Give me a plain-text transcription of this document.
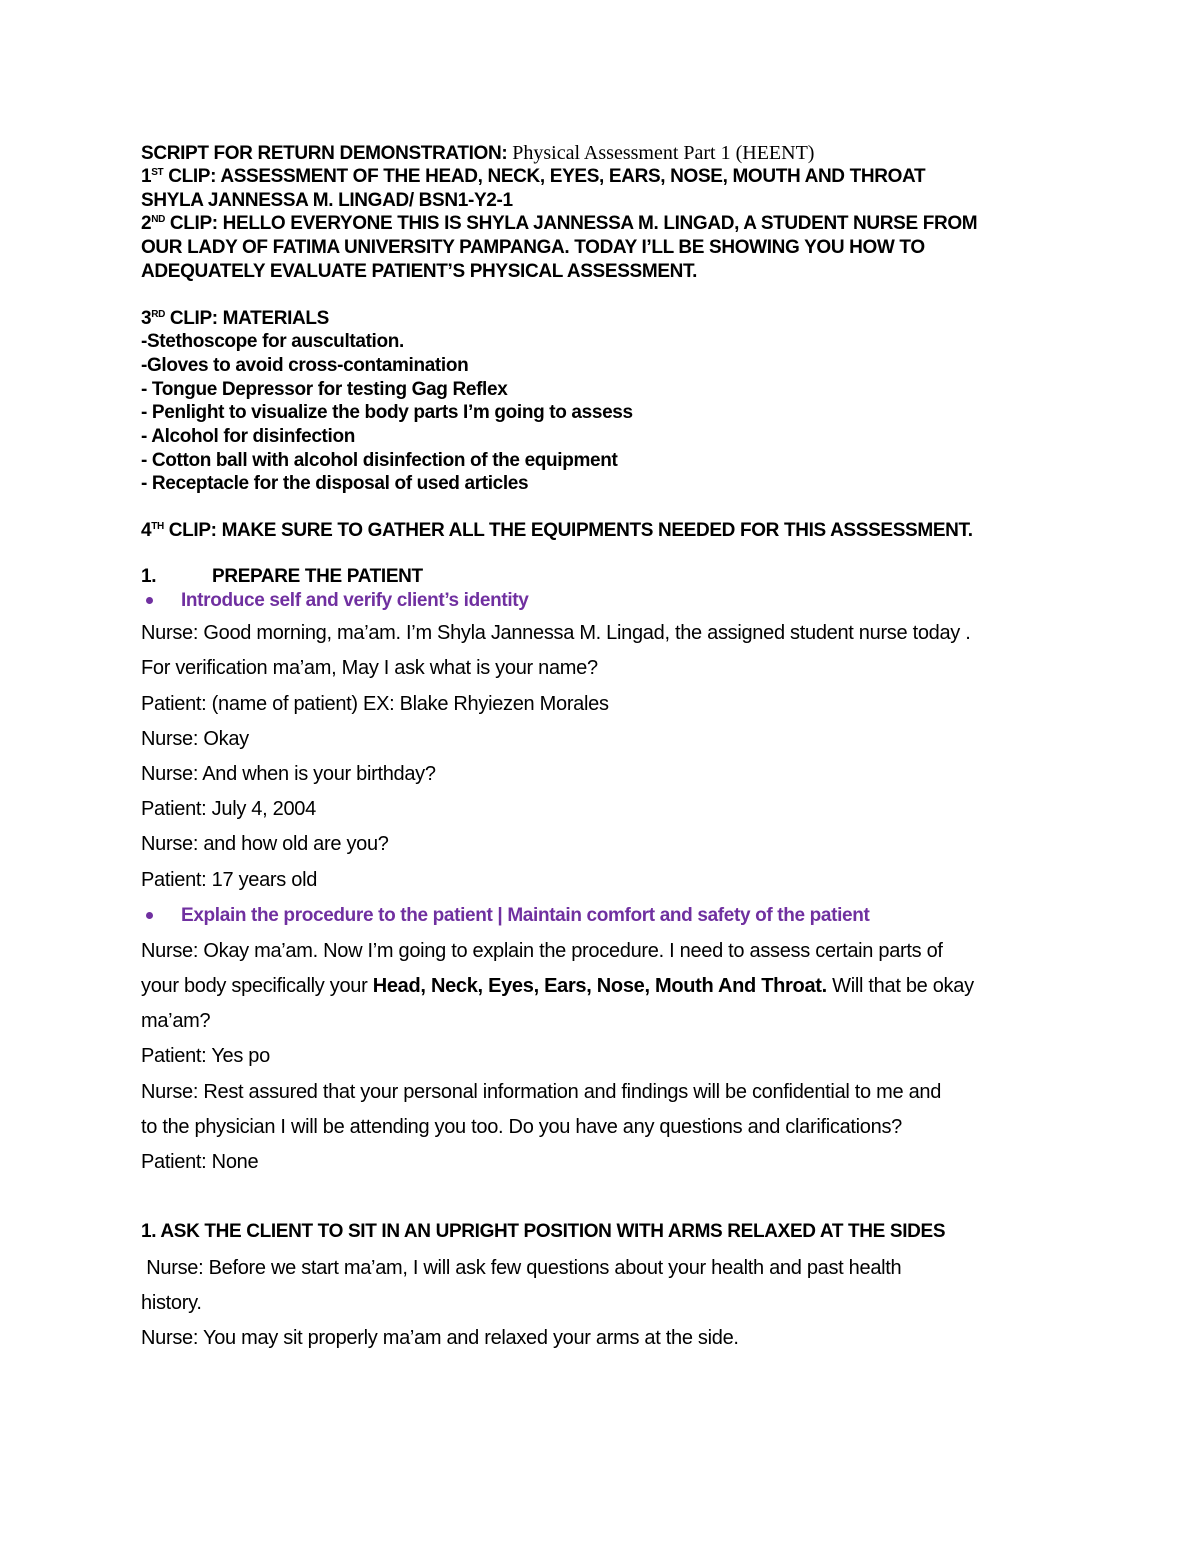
SCRIPT FOR RETURN DEMONSTRATION: Physical Assessment Part 1 (HEENT)
1ST CLIP: ASSESSMENT OF THE HEAD, NECK, EYES, EARS, NOSE, MOUTH AND THROAT
SHYLA JANNESSA M. LINGAD/ BSN1-Y2-1
2ND CLIP: HELLO EVERYONE THIS IS SHYLA JANNESSA M. LINGAD, A STUDENT NURSE FROM
OUR LADY OF FATIMA UNIVERSITY PAMPANGA. TODAY I’LL BE SHOWING YOU HOW TO
ADEQUATELY EVALUATE PATIENT’S PHYSICAL ASSESSMENT.
3RD CLIP: MATERIALS
-Stethoscope for auscultation.
-Gloves to avoid cross-contamination
- Tongue Depressor for testing Gag Reflex
- Penlight to visualize the body parts I’m going to assess
- Alcohol for disinfection
- Cotton ball with alcohol disinfection of the equipment
- Receptacle for the disposal of used articles
4TH CLIP: MAKE SURE TO GATHER ALL THE EQUIPMENTS NEEDED FOR THIS ASSSESSMENT.
1.	PREPARE THE PATIENT
Introduce self and verify client’s identity
Nurse: Good morning, ma’am. I’m Shyla Jannessa M. Lingad, the assigned student nurse today .
For verification ma’am, May I ask what is your name?
Patient: (name of patient) EX: Blake Rhyiezen Morales
Nurse: Okay
Nurse: And when is your birthday?
Patient: July 4, 2004
Nurse: and how old are you?
Patient: 17 years old
Explain the procedure to the patient | Maintain comfort and safety of the patient
Nurse: Okay ma’am. Now I’m going to explain the procedure. I need to assess certain parts of
your body specifically your Head, Neck, Eyes, Ears, Nose, Mouth And Throat. Will that be okay
ma’am?
Patient: Yes po
Nurse: Rest assured that your personal information and findings will be confidential to me and
to the physician I will be attending you too. Do you have any questions and clarifications?
Patient: None
1. ASK THE CLIENT TO SIT IN AN UPRIGHT POSITION WITH ARMS RELAXED AT THE SIDES
Nurse: Before we start ma’am, I will ask few questions about your health and past health
history.
Nurse: You may sit properly ma’am and relaxed your arms at the side.
